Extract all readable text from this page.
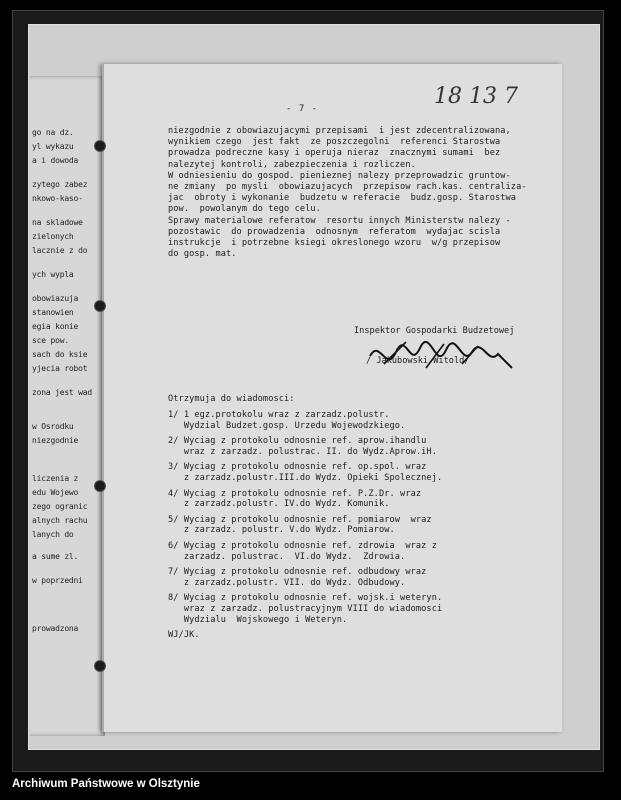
go na dz.
yl wykazu
a i dowoda
zytego zabez
nkowo-kaso-
na skladowe
zielonych
lacznie z do
ych wypla
obowiazuja
stanowien
egia konie
sce pow.
sach do ksie
yjecia robot
zona jest wad
w Osrodku
niezgodnie
liczenia z
edu Wojewo
zego ogranic
alnych rachu
lanych do
a sume zl.
w poprzedni
prowadzona
- 7 -	18 13 7
niezgodnie z obowiazujacymi przepisami  i jest zdecentralizowana,
wynikiem czego  jest fakt  ze poszczegolni  referenci Starostwa
prowadza podreczne kasy i operuja nieraz  znacznymi sumami  bez
nalezytej kontroli, zabezpieczenia i rozliczen.
W odniesieniu do gospod. pienieznej nalezy przeprowadzic gruntow-
ne zmiany  po mysli  obowiazujacych  przepisow rach.kas. centraliza-
jac  obroty i wykonanie  budzetu w referacie  budz.gosp. Starostwa
pow.  powolanym do tego celu.
Sprawy materialowe referatow  resortu innych Ministerstw nalezy -
pozostawic  do prowadzenia  odnosnym  referatom  wydajac scisla
instrukcje  i potrzebne ksiegi okreslonego wzoru  w/g przepisow
do gosp. mat.
Inspektor Gospodarki Budzetowej
/ Jakubowski Witold/
Otrzymuja do wiadomosci:
1/ 1 egz.protokolu wraz z zarzadz.polustr.
Wydzial Budzet.gosp. Urzedu Wojewodzkiego.
2/ Wyciag z protokolu odnosnie ref. aprow.ihandlu
wraz z zarzadz. polustrac. II. do Wydz.Aprow.iH.
3/ Wyciag z protokolu odnosnie ref. op.spol. wraz
z zarzadz.polustr.III.do Wydz. Opieki Spolecznej.
4/ Wyciag z protokolu odnosnie ref. P.Z.Dr. wraz
z zarzadz.polustr. IV.do Wydz. Komunik.
5/ Wyciag z protokolu odnosnie ref. pomiarow  wraz
z zarzadz. polustr. V.do Wydz. Pomiarow.
6/ Wyciag z protokolu odnosnie ref. zdrowia  wraz z
zarzadz. polustrac.  VI.do Wydz.  Zdrowia.
7/ Wyciag z protokolu odnosnie ref. odbudowy wraz
z zarzadz.polustr. VII. do Wydz. Odbudowy.
8/ Wyciag z protokolu odnosnie ref. wojsk.i weteryn.
wraz z zarzadz. polustracyjnym VIII do wiadomosci
Wydzialu  Wojskowego i Weteryn.
WJ/JK.
Archiwum Państwowe w Olsztynie
